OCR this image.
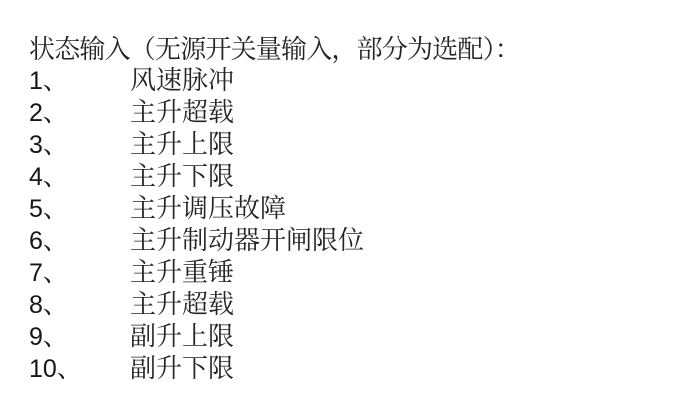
状态输入（无源开关量输入，部分为选配）：
1、	风速脉冲
2、	主升超载
3、	主升上限
4、	主升下限
5、	主升调压故障
6、	主升制动器开闸限位
7、	主升重锤
8、	主升超载
9、	副升上限
10、	副升下限
